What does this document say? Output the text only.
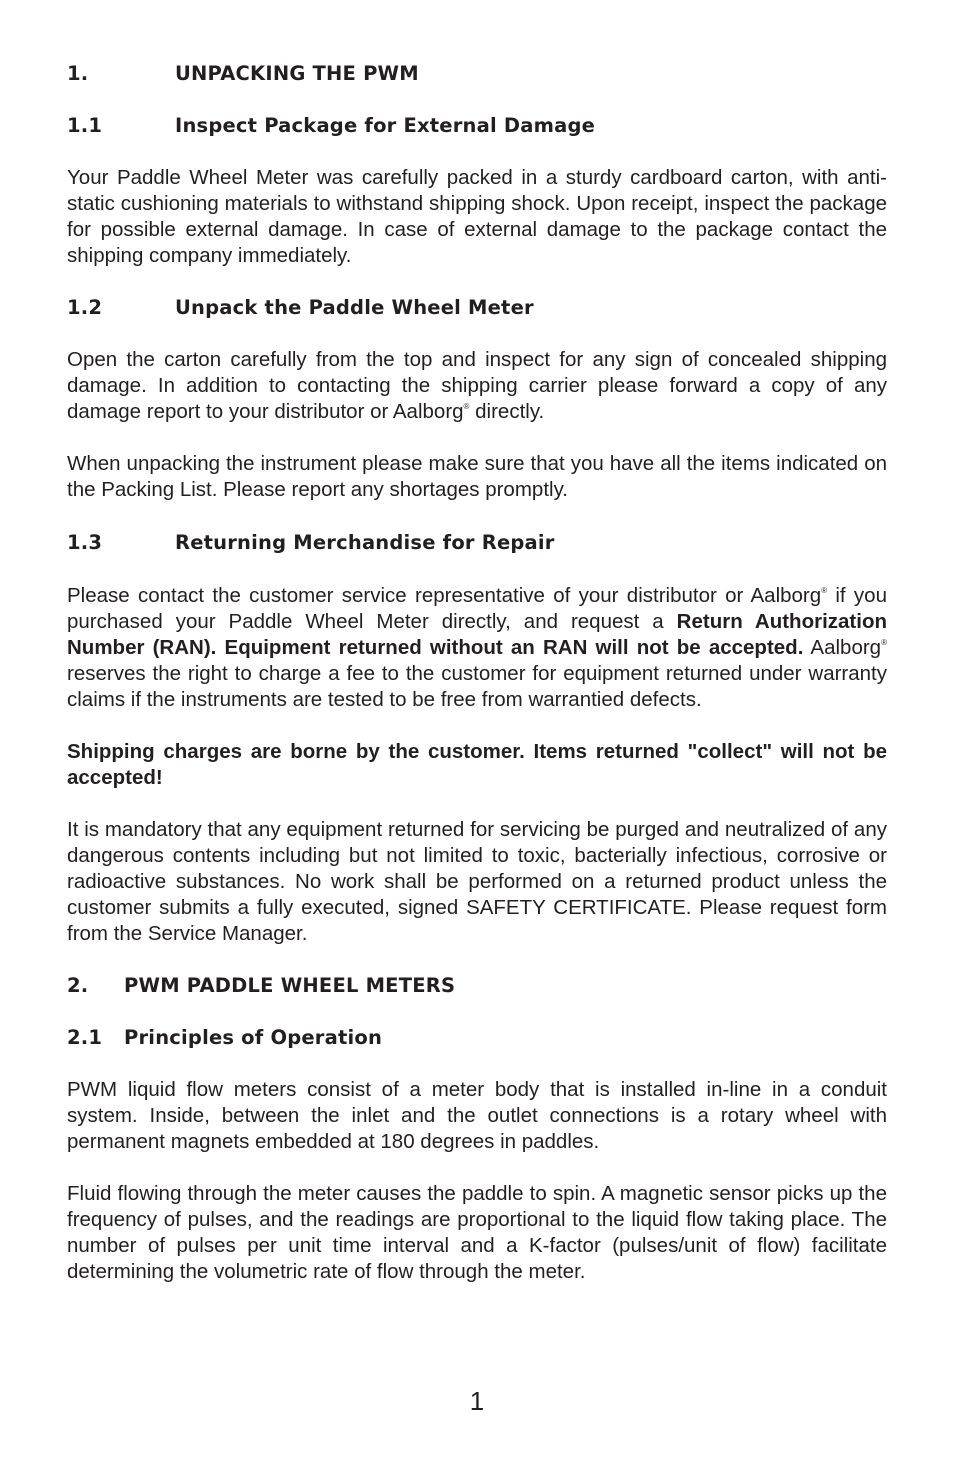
1.	UNPACKING THE PWM
1.1	Inspect Package for External Damage

Your Paddle Wheel Meter was carefully packed in a sturdy cardboard carton, with anti-static cushioning materials to withstand shipping shock. Upon receipt, inspect the package for possible external damage. In case of external damage to the package contact the shipping company immediately.

1.2	Unpack the Paddle Wheel Meter

Open the carton carefully from the top and inspect for any sign of concealed shipping damage. In addition to contacting the shipping carrier please forward a copy of any damage report to your distributor or Aalborg® directly.

When unpacking the instrument please make sure that you have all the items indicated on the Packing List. Please report any shortages promptly.

1.3	Returning Merchandise for Repair

Please contact the customer service representative of your distributor or Aalborg® if you purchased your Paddle Wheel Meter directly, and request a Return Authorization Number (RAN). Equipment returned without an RAN will not be accepted. Aalborg® reserves the right to charge a fee to the customer for equipment returned under warranty claims if the instruments are tested to be free from warrantied defects.

Shipping charges are borne by the customer. Items returned "collect" will not be accepted!

It is mandatory that any equipment returned for servicing be purged and neutralized of any dangerous contents including but not limited to toxic, bacterially infectious, corrosive or radioactive substances. No work shall be performed on a returned product unless the customer submits a fully executed, signed SAFETY CERTIFICATE. Please request form from the Service Manager.

2. PWM PADDLE WHEEL METERS
2.1 Principles of Operation

PWM liquid flow meters consist of a meter body that is installed in-line in a conduit system. Inside, between the inlet and the outlet connections is a rotary wheel with permanent magnets embedded at 180 degrees in paddles.

Fluid flowing through the meter causes the paddle to spin. A magnetic sensor picks up the frequency of pulses, and the readings are proportional to the liquid flow taking place. The number of pulses per unit time interval and a K-factor (pulses/unit of flow) facilitate determining the volumetric rate of flow through the meter.

1
